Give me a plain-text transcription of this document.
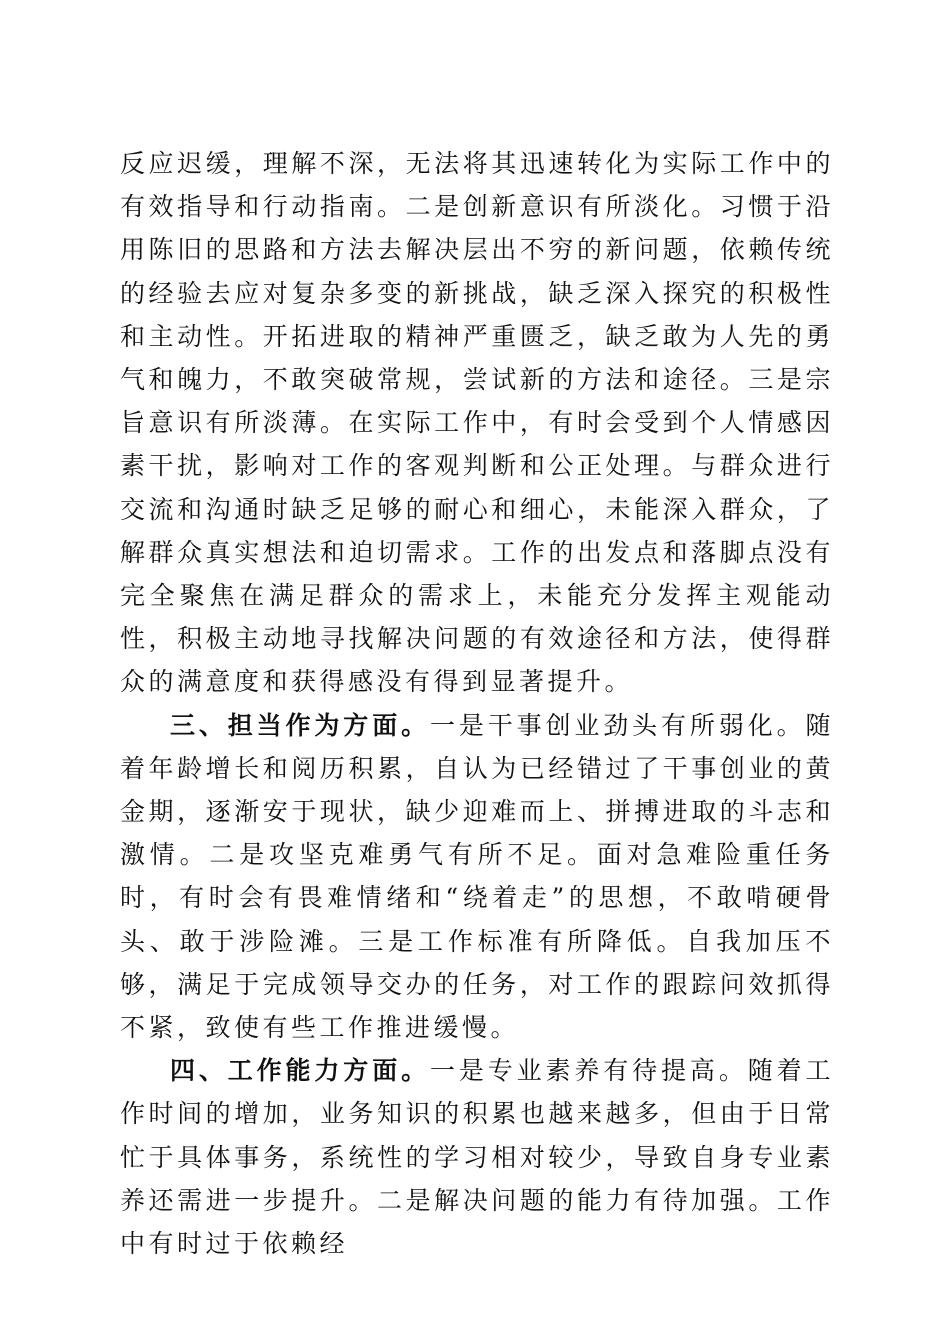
反应迟缓，理解不深，无法将其迅速转化为实际工作中的有效指导和行动指南。二是创新意识有所淡化。习惯于沿用陈旧的思路和方法去解决层出不穷的新问题，依赖传统的经验去应对复杂多变的新挑战，缺乏深入探究的积极性和主动性。开拓进取的精神严重匮乏，缺乏敢为人先的勇气和魄力，不敢突破常规，尝试新的方法和途径。三是宗旨意识有所淡薄。在实际工作中，有时会受到个人情感因素干扰，影响对工作的客观判断和公正处理。与群众进行交流和沟通时缺乏足够的耐心和细心，未能深入群众，了解群众真实想法和迫切需求。工作的出发点和落脚点没有完全聚焦在满足群众的需求上，未能充分发挥主观能动性，积极主动地寻找解决问题的有效途径和方法，使得群众的满意度和获得感没有得到显著提升。

三、担当作为方面。一是干事创业劲头有所弱化。随着年龄增长和阅历积累，自认为已经错过了干事创业的黄金期，逐渐安于现状，缺少迎难而上、拼搏进取的斗志和激情。二是攻坚克难勇气有所不足。面对急难险重任务时，有时会有畏难情绪和“绕着走”的思想，不敢啃硬骨头、敢于涉险滩。三是工作标准有所降低。自我加压不够，满足于完成领导交办的任务，对工作的跟踪问效抓得不紧，致使有些工作推进缓慢。

四、工作能力方面。一是专业素养有待提高。随着工作时间的增加，业务知识的积累也越来越多，但由于日常忙于具体事务，系统性的学习相对较少，导致自身专业素养还需进一步提升。二是解决问题的能力有待加强。工作中有时过于依赖经
